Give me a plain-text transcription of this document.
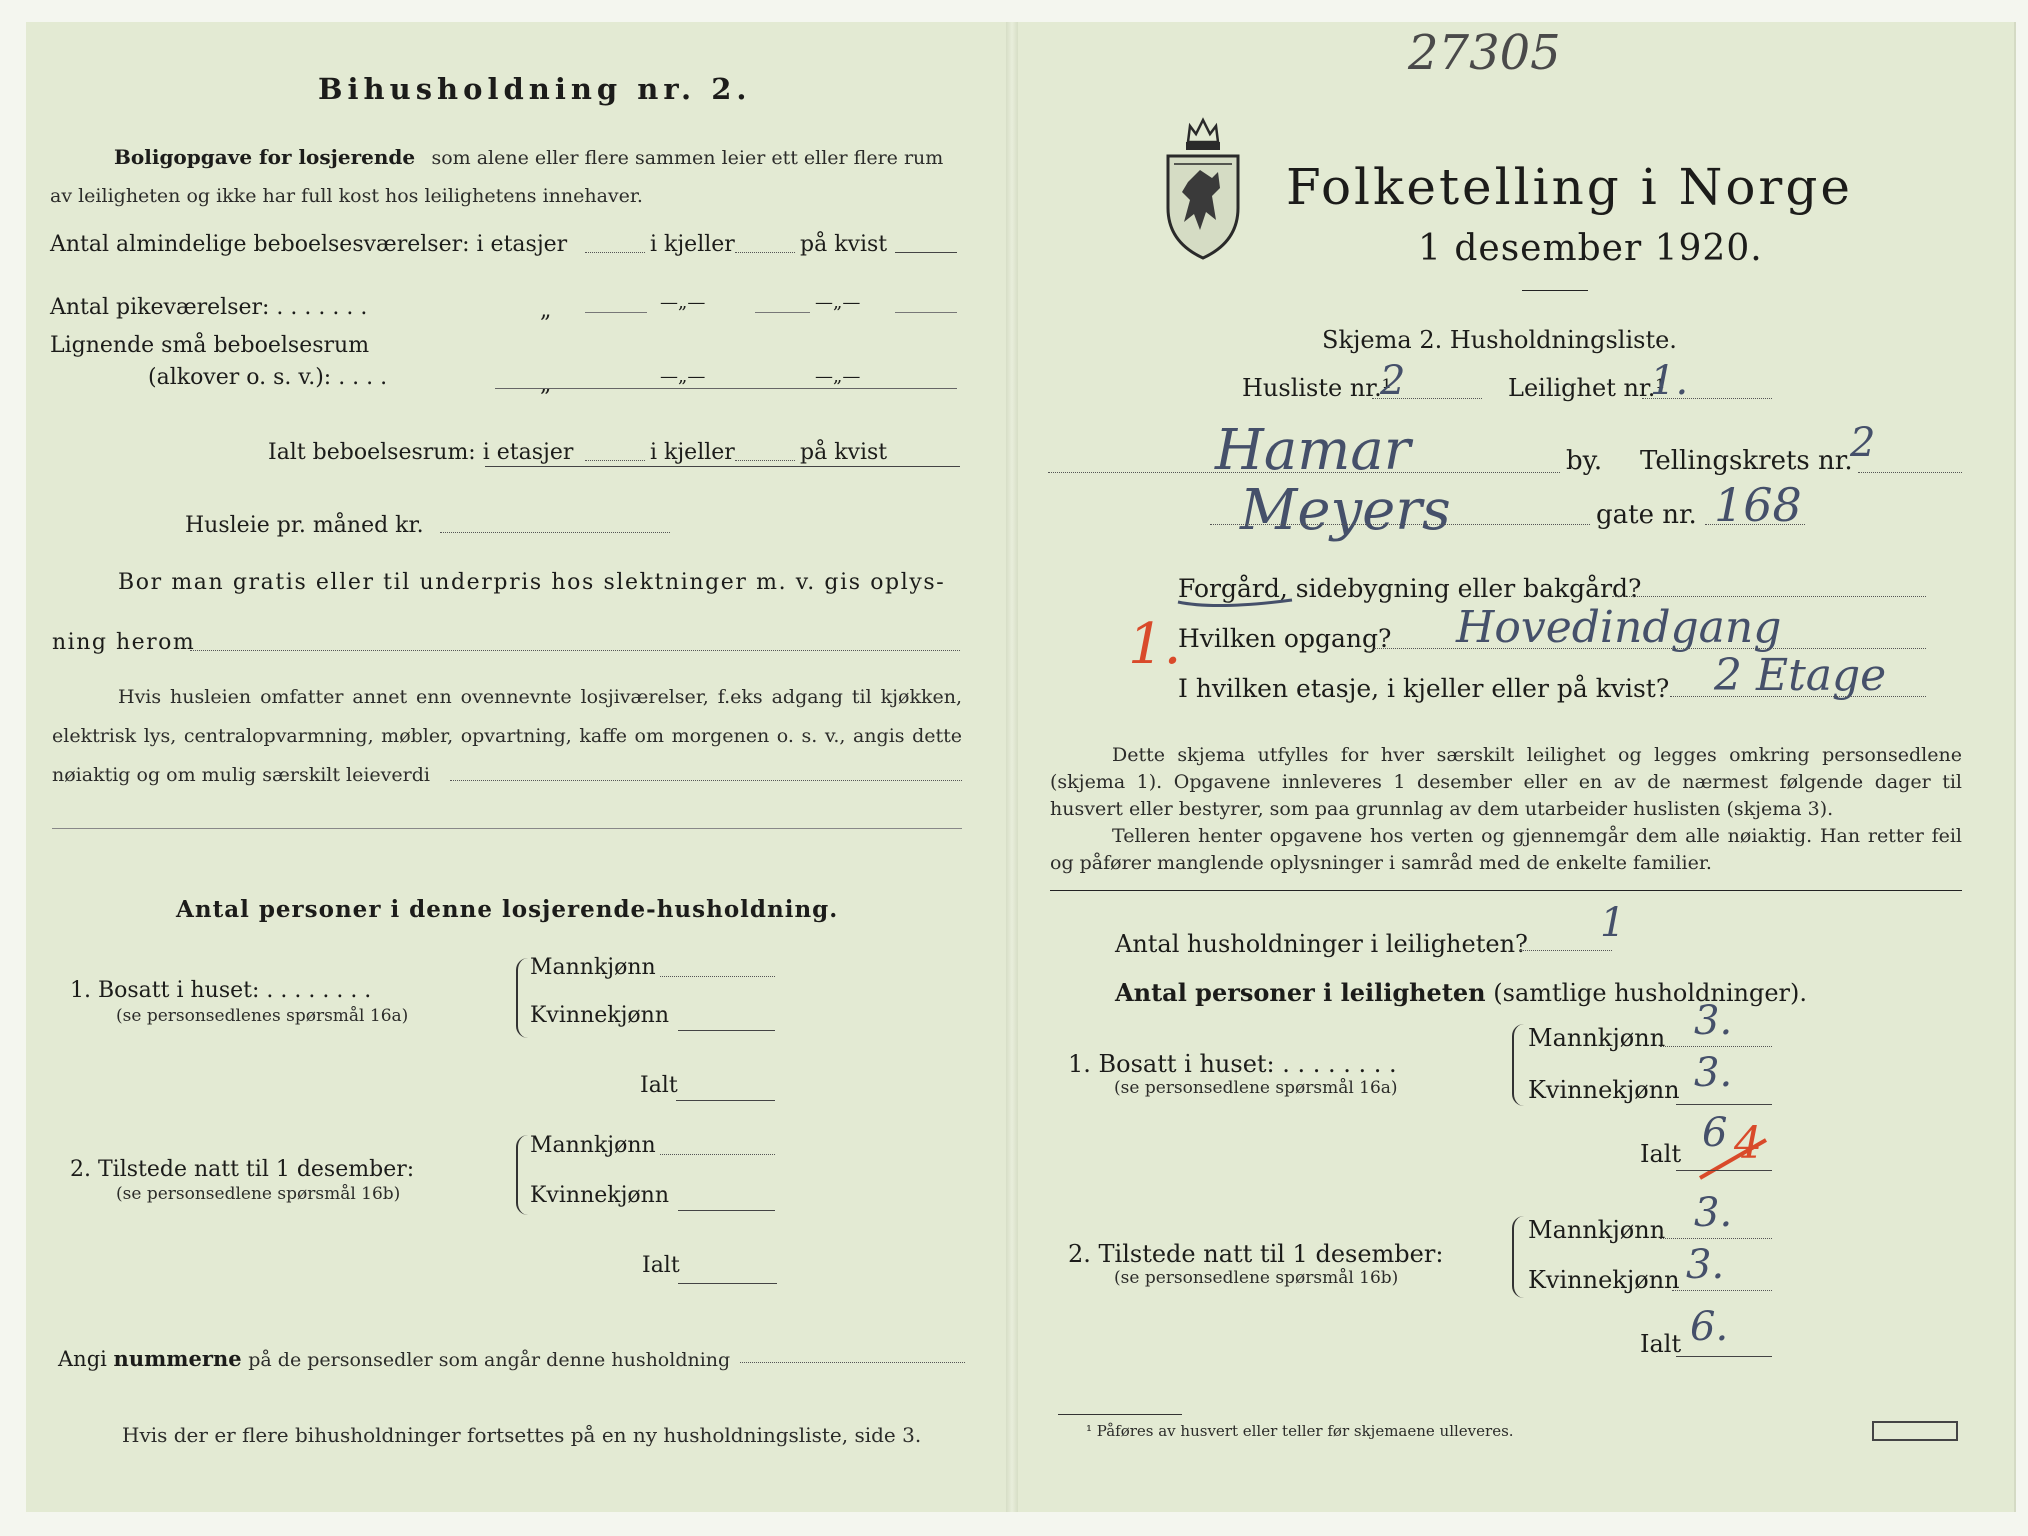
Bihusholdning nr. 2.
Boligopgave for losjerende som alene eller flere sammen leier ett eller flere rum
av leiligheten og ikke har full kost hos leilighetens innehaver.
Antal almindelige beboelsesværelser: i etasjer	i kjeller	på kvist
Antal pikeværelser: . . . . . . .	„	—„—	—„—
Lignende små beboelsesrum
(alkover o. s. v.): . . . .	„	—„—	—„—
Ialt beboelsesrum: i etasjer	i kjeller	på kvist
Husleie pr. måned kr.
Bor man gratis eller til underpris hos slektninger m. v. gis oplys-
ning herom
Hvis husleien omfatter annet enn ovennevnte losjiværelser, f.eks adgang til kjøkken, elektrisk lys, centralopvarmning, møbler, opvartning, kaffe om morgenen o. s. v., angis dette nøiaktig og om mulig særskilt leieverdi
Antal personer i denne losjerende-husholdning.
1. Bosatt i huset: . . . . . . . .
(se personsedlenes spørsmål 16a)
Mannkjønn
Kvinnekjønn
Ialt
2. Tilstede natt til 1 desember:
(se personsedlene spørsmål 16b)
Mannkjønn
Kvinnekjønn
Ialt
Angi nummerne på de personsedler som angår denne husholdning
Hvis der er flere bihusholdninger fortsettes på en ny husholdningsliste, side 3.
27305
Folketelling i Norge
1 desember 1920.
Skjema 2. Husholdningsliste.
Husliste nr.¹
2	Leilighet nr.¹
1.
Hamar	by. Tellingskrets nr.
2
Meyers	gate nr. 168
Forgård, sidebygning eller bakgård?
1.
Hvilken opgang? Hovedindgang
I hvilken etasje, i kjeller eller på kvist? 2 Etage
Dette skjema utfylles for hver særskilt leilighet og legges omkring personsedlene (skjema 1). Opgavene innleveres 1 desember eller en av de nærmest følgende dager til husvert eller bestyrer, som paa grunnlag av dem utarbeider huslisten (skjema 3).
Telleren henter opgavene hos verten og gjennemgår dem alle nøiaktig. Han retter feil og påfører manglende oplysninger i samråd med de enkelte familier.
Antal husholdninger i leiligheten? 1
Antal personer i leiligheten (samtlige husholdninger).
1. Bosatt i huset: . . . . . . . .
(se personsedlene spørsmål 16a)
Mannkjønn 3.
Kvinnekjønn 3.
Ialt 6 4
2. Tilstede natt til 1 desember:
(se personsedlene spørsmål 16b)
Mannkjønn 3.
Kvinnekjønn 3.
Ialt 6.
¹ Påføres av husvert eller teller før skjemaene ulleveres.
